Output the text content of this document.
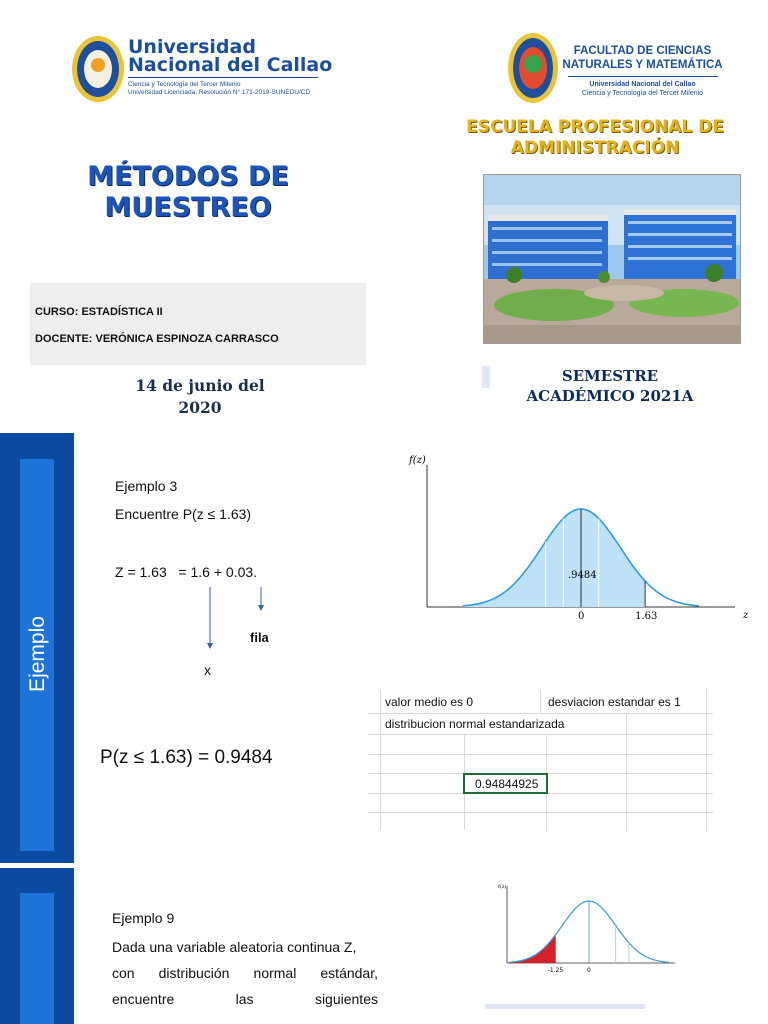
Universidad
Nacional del Callao
Ciencia y Tecnología del Tercer Milenio
Universidad Licenciada, Resolución N° 171-2019-SUNEDU/CD
FACULTAD DE CIENCIAS
NATURALES Y MATEMÁTICA
Universidad Nacional del Callao
Ciencia y Tecnología del Tercer Milenio
ESCUELA PROFESIONAL DE
ADMINISTRACIÓN
MÉTODOS DE
MUESTREO
CURSO: ESTADÍSTICA II
DOCENTE: VERÓNICA ESPINOZA CARRASCO
14 de junio del
2020
SEMESTRE
ACADÉMICO 2021A
Ejemplo
Ejemplo 3
Encuentre P(z ≤ 1.63)
Z = 1.63   = 1.6 + 0.03.
fila
x
P(z ≤ 1.63) = 0.9484
f(z)
z
.9484
0	1.63
valor medio es 0	desviacion estandar es 1
distribucion normal estandarizada
0.94844925
Ejemplo 9
Dada una variable aleatoria continua Z,
con distribución normal estándar,
encuentre	las	siguientes
f(z)
-1.25	0
